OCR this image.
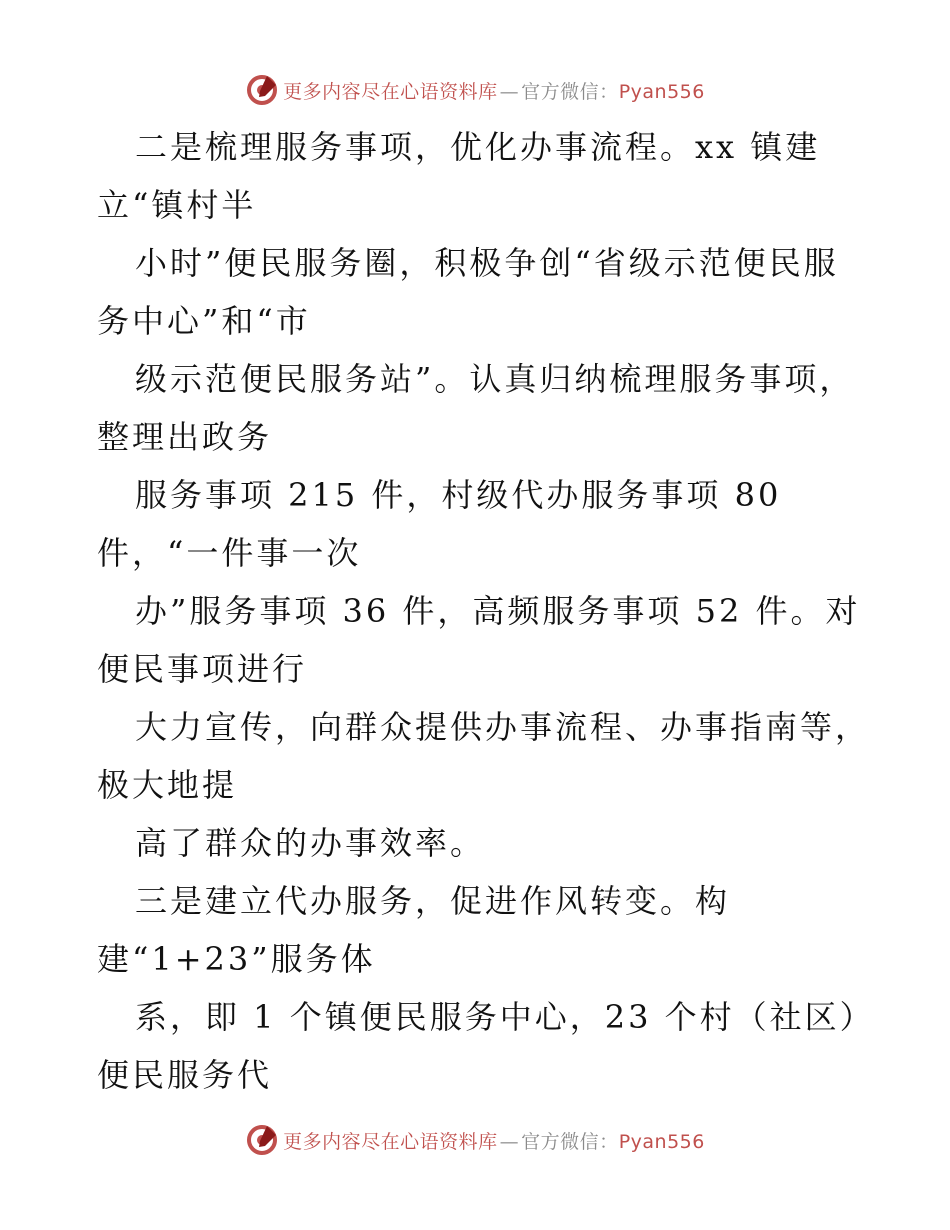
更多内容尽在心语资料库 — 官方微信：Pyan556
二是梳理服务事项，优化办事流程。xx 镇建
立“镇村半
小时”便民服务圈，积极争创“省级示范便民服
务中心”和“市
级示范便民服务站”。认真归纳梳理服务事项，
整理出政务
服务事项 215 件，村级代办服务事项 80
件，“一件事一次
办”服务事项 36 件，高频服务事项 52 件。对
便民事项进行
大力宣传，向群众提供办事流程、办事指南等，
极大地提
高了群众的办事效率。
三是建立代办服务，促进作风转变。构
建“1+23”服务体
系，即 1 个镇便民服务中心，23 个村（社区）
便民服务代
更多内容尽在心语资料库 — 官方微信：Pyan556
